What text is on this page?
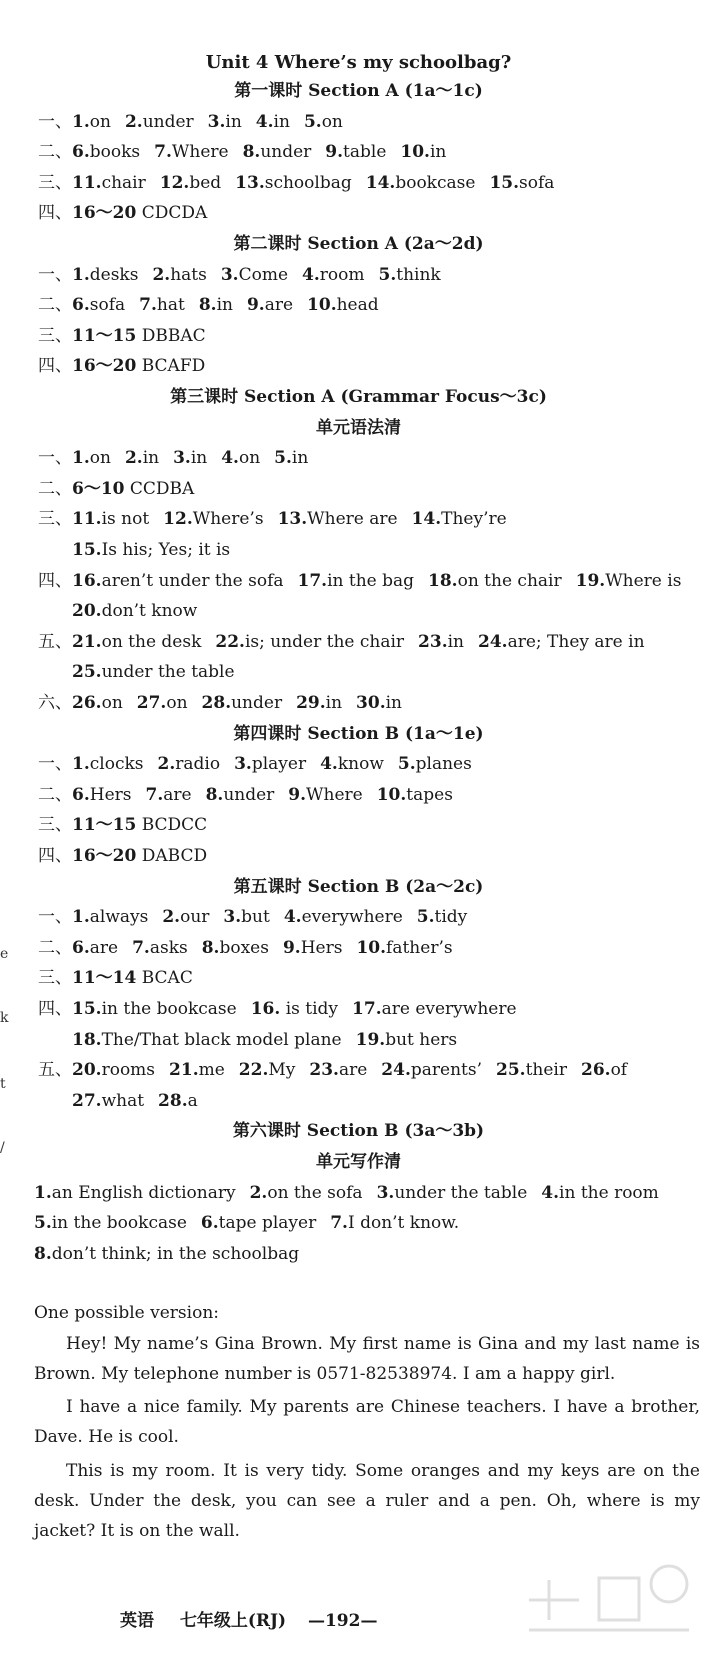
第一课时 Section A (1a～1c)
一、1.on 2.under 3.in 4.in 5.on
二、6.books 7.Where 8.under 9.table 10.in
三、11.chair 12.bed 13.schoolbag 14.bookcase 15.sofa
四、16～20 CDCDA
第二课时 Section A (2a～2d)
一、1.desks 2.hats 3.Come 4.room 5.think
二、6.sofa 7.hat 8.in 9.are 10.head
三、11～15 DBBAC
四、16～20 BCAFD
第三课时 Section A (Grammar Focus～3c)
单元语法清
一、1.on 2.in 3.in 4.on 5.in
二、6～10 CCDBA
三、11.is not 12.Where’s 13.Where are 14.They’re
15.Is his; Yes; it is
四、16.aren’t under the sofa 17.in the bag 18.on the chair 19.Where is
20.don’t know
五、21.on the desk 22.is; under the chair 23.in 24.are; They are in
25.under the table
六、26.on 27.on 28.under 29.in 30.in
第四课时 Section B (1a～1e)
一、1.clocks 2.radio 3.player 4.know 5.planes
二、6.Hers 7.are 8.under 9.Where 10.tapes
三、11～15 BCDCC
四、16～20 DABCD
第五课时 Section B (2a～2c)
一、1.always 2.our 3.but 4.everywhere 5.tidy
二、6.are 7.asks 8.boxes 9.Hers 10.father’s
三、11～14 BCAC
四、15.in the bookcase 16. is tidy 17.are everywhere
18.The/That black model plane 19.but hers
五、20.rooms 21.me 22.My 23.are 24.parents’ 25.their 26.of
27.what 28.a
第六课时 Section B (3a～3b)
单元写作清
1.an English dictionary 2.on the sofa 3.under the table 4.in the room
5.in the bookcase 6.tape player 7.I don’t know.
8.don’t think; in the schoolbag
Unit 4 Where’s my schoolbag?
e
k
t
/
One possible version:
Hey! My name’s Gina Brown. My first name is Gina and my last name is Brown. My telephone number is 0571-82538974. I am a happy girl.
I have a nice family. My parents are Chinese teachers. I have a brother, Dave. He is cool.
This is my room. It is very tidy. Some oranges and my keys are on the desk. Under the desk, you can see a ruler and a pen. Oh, where is my jacket? It is on the wall.
英语 七年级上(RJ) —192—
